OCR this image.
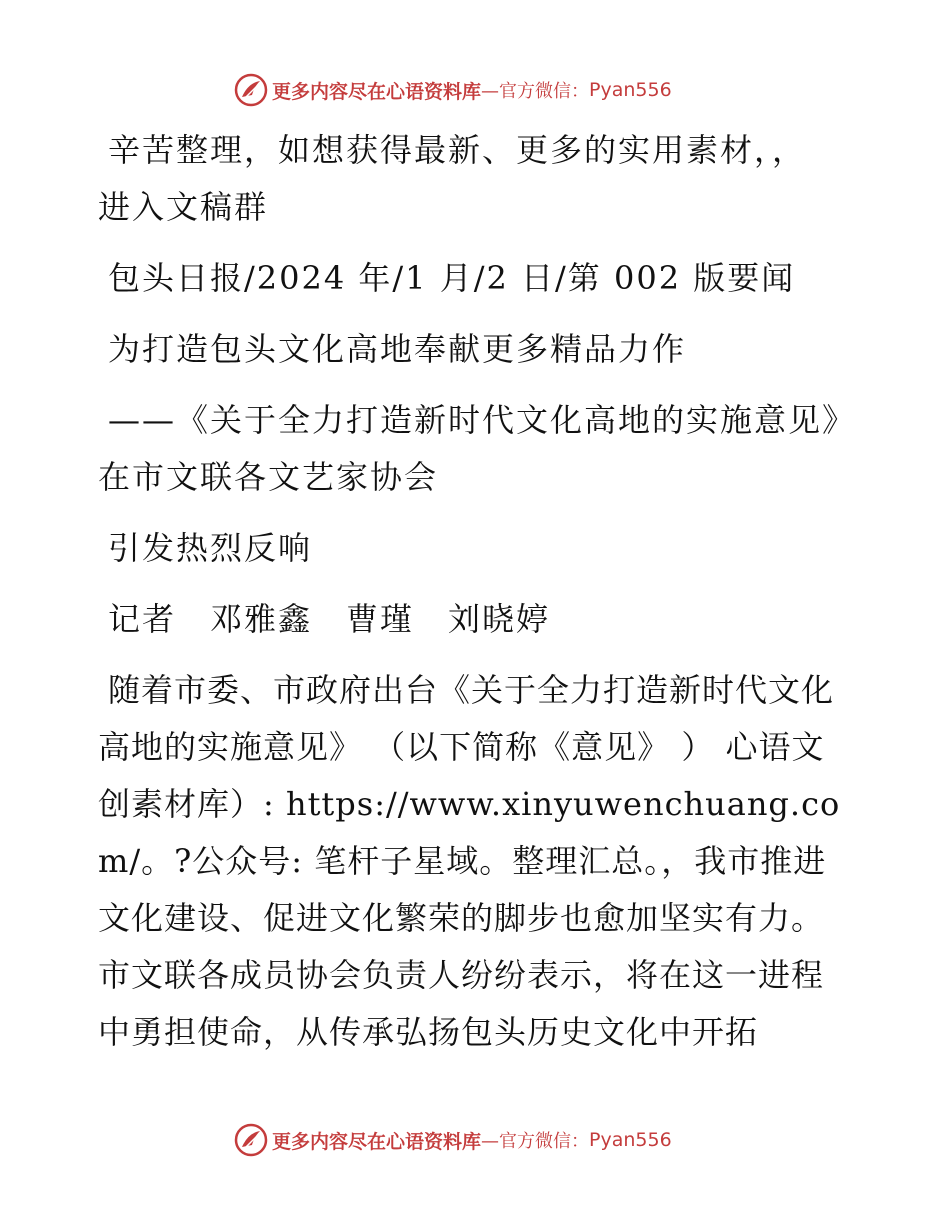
更多内容尽在心语资料库 —官方微信： Pyan556

辛苦整理，如想获得最新、更多的实用素材，，
进入文稿群

包头日报/2024 年/1 月/2 日/第 002 版要闻

为打造包头文化高地奉献更多精品力作

——《关于全力打造新时代文化高地的实施意见》在市文联各文艺家协会

引发热烈反响

记者　邓雅鑫　曹瑾　刘晓婷

随着市委、市政府出台《关于全力打造新时代文化高地的实施意见》 （以下简称《意见》 ） 心语文创素材库）: https://www.xinyuwenchuang.com/。?公众号: 笔杆子星域。整理汇总。，我市推进文化建设、促进文化繁荣的脚步也愈加坚实有力。市文联各成员协会负责人纷纷表示，将在这一进程中勇担使命，从传承弘扬包头历史文化中开拓

更多内容尽在心语资料库 —官方微信： Pyan556
